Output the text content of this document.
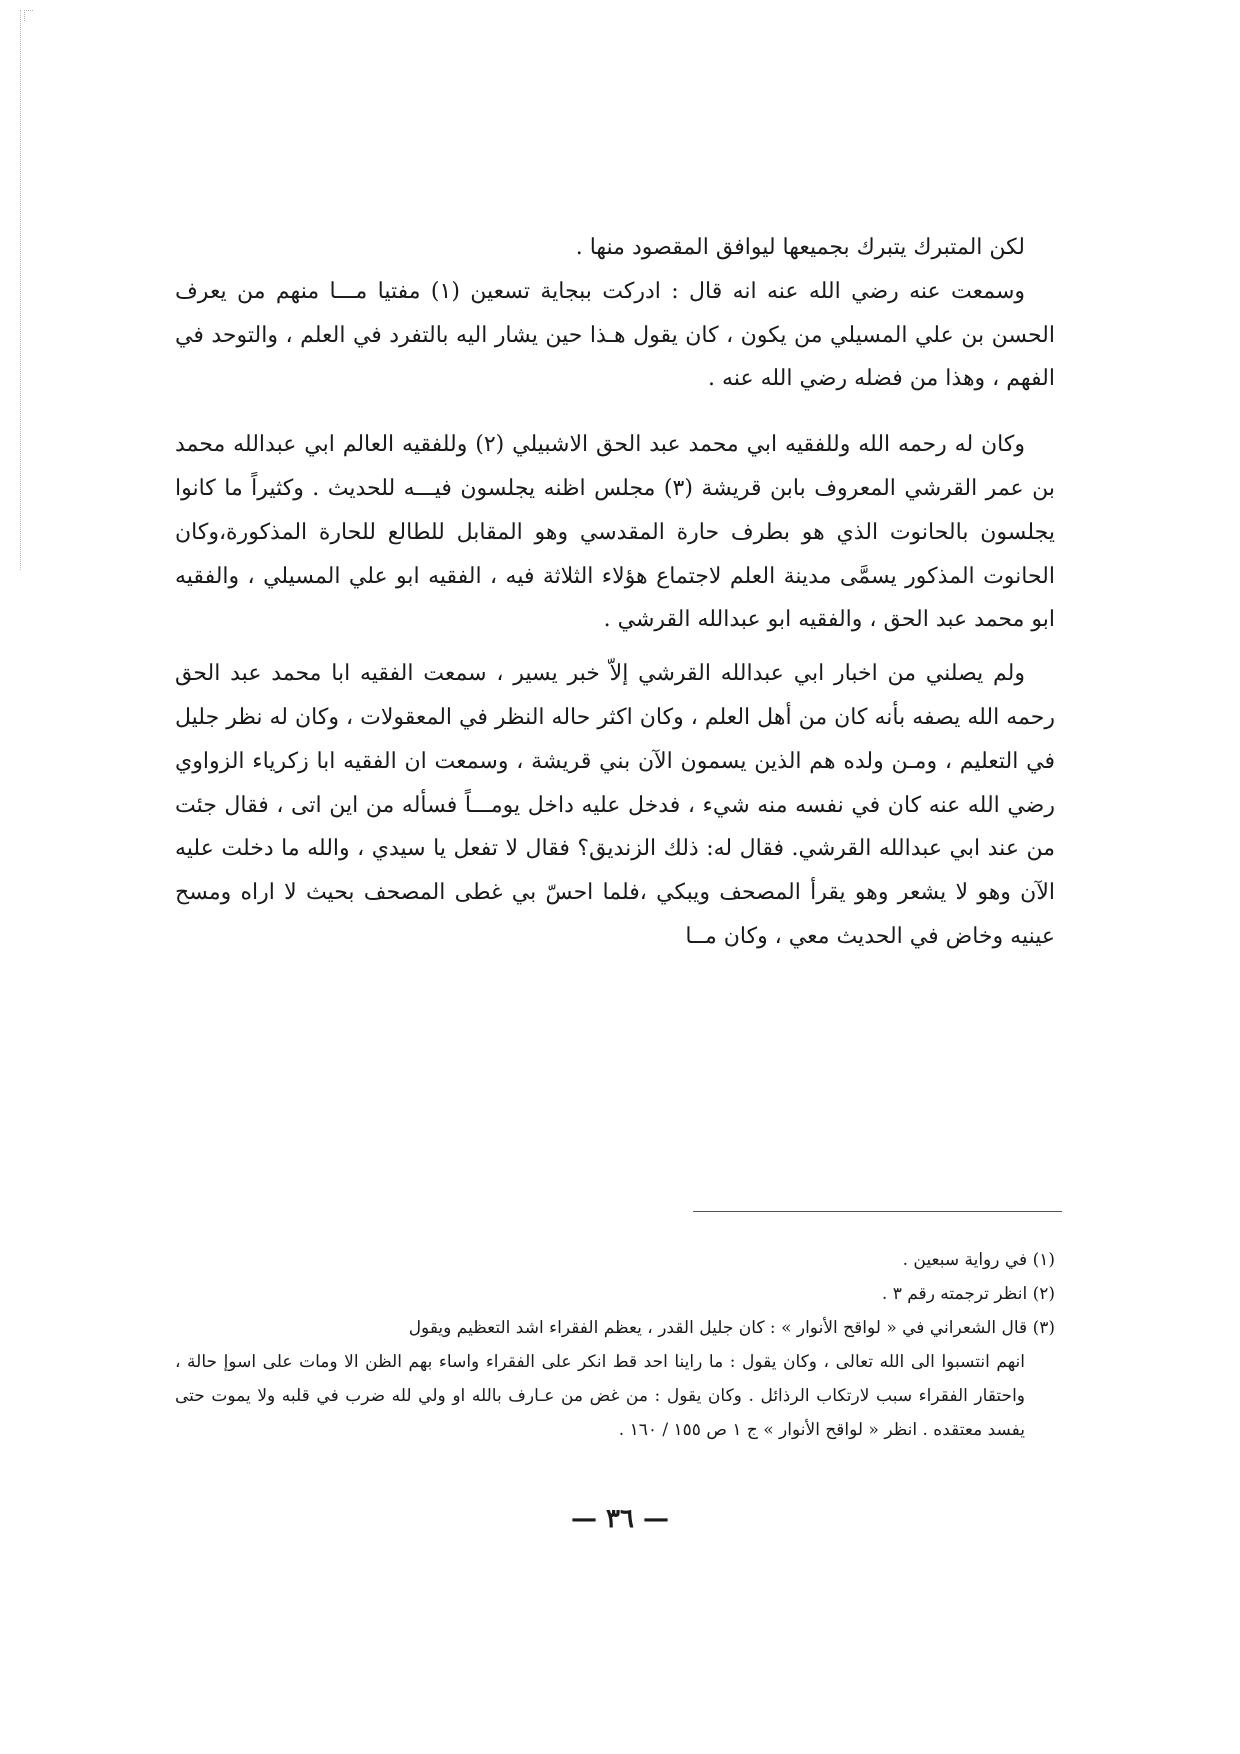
لكن المتبرك يتبرك بجميعها ليوافق المقصود منها .

وسمعت عنه رضي الله عنه انه قال : ادركت ببجاية تسعين (١) مفتيا مـــا منهم من يعرف الحسن بن علي المسيلي من يكون ، كان يقول هـذا حين يشار اليه بالتفرد في العلم ، والتوحد في الفهم ، وهذا من فضله رضي الله عنه .

وكان له رحمه الله وللفقيه ابي محمد عبد الحق الاشبيلي (٢) وللفقيه العالم ابي عبدالله محمد بن عمر القرشي المعروف بابن قريشة (٣) مجلس اظنه يجلسون فيـــه للحديث . وكثيراً ما كانوا يجلسون بالحانوت الذي هو بطرف حارة المقدسي وهو المقابل للطالع للحارة المذكورة،وكان الحانوت المذكور يسمَّى مدينة العلم لاجتماع هؤلاء الثلاثة فيه ، الفقيه ابو علي المسيلي ، والفقيه ابو محمد عبد الحق ، والفقيه ابو عبدالله القرشي .

ولم يصلني من اخبار ابي عبدالله القرشي إلاّ خبر يسير ، سمعت الفقيه ابا محمد عبد الحق رحمه الله يصفه بأنه كان من أهل العلم ، وكان اكثر حاله النظر في المعقولات ، وكان له نظر جليل في التعليم ، ومـن ولده هم الذين يسمون الآن بني قريشة ، وسمعت ان الفقيه ابا زكرياء الزواوي رضي الله عنه كان في نفسه منه شيء ، فدخل عليه داخل يومـــاً فسأله من اين اتى ، فقال جئت من عند ابي عبدالله القرشي. فقال له: ذلك الزنديق؟ فقال لا تفعل يا سيدي ، والله ما دخلت عليه الآن وهو لا يشعر وهو يقرأ المصحف ويبكي ،فلما احسّ بي غطى المصحف بحيث لا اراه ومسح عينيه وخاض في الحديث معي ، وكان مــا

(١) في رواية سبعين .

(٢) انظر ترجمته رقم ٣ .

(٣) قال الشعراني في « لواقح الأنوار » : كان جليل القدر ، يعظم الفقراء اشد التعظيم ويقول

انهم انتسبوا الى الله تعالى ، وكان يقول : ما راينا احد قط انكر على الفقراء واساء بهم الظن الا ومات على اسوإ حالة ، واحتقار الفقراء سبب لارتكاب الرذائل . وكان يقول : من غض من عـارف بالله او ولي لله ضرب في قلبه ولا يموت حتى يفسد معتقده . انظر « لواقح الأنوار » ج ١ ص ١٥٥ / ١٦٠ .

— ٣٦ —
